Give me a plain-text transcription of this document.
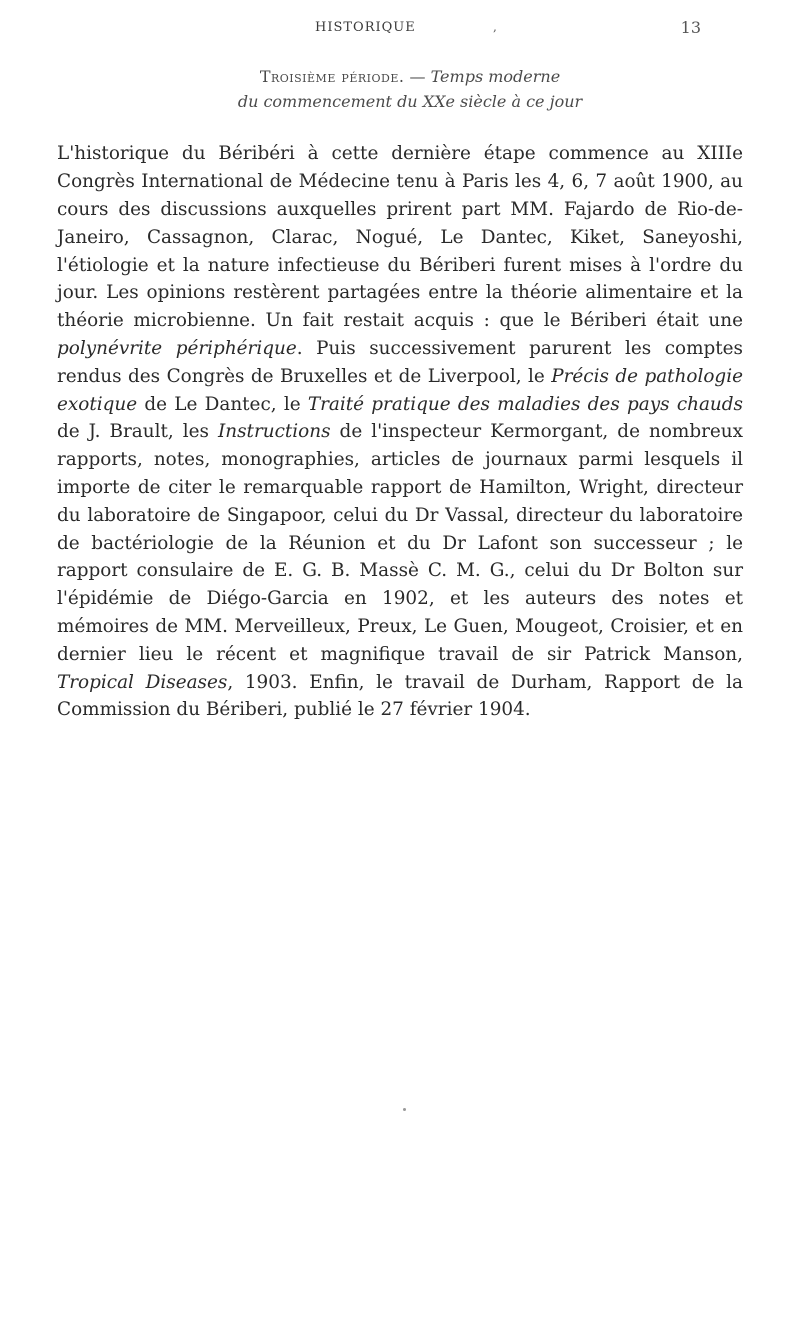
HISTORIQUE	,	13
Troisième période. — Temps moderne
du commencement du XXe siècle à ce jour

L'historique du Béribéri à cette dernière étape commence au XIIIe Congrès International de Médecine tenu à Paris les 4, 6, 7 août 1900, au cours des discussions auxquelles prirent part MM. Fajardo de Rio-de-Janeiro, Cassagnon, Clarac, Nogué, Le Dantec, Kiket, Saneyoshi, l'étiologie et la nature infectieuse du Bériberi furent mises à l'ordre du jour. Les opinions restèrent partagées entre la théorie alimentaire et la théorie microbienne. Un fait restait acquis : que le Bériberi était une polynévrite périphérique. Puis successivement parurent les comptes rendus des Congrès de Bruxelles et de Liverpool, le Précis de pathologie exotique de Le Dantec, le Traité pratique des maladies des pays chauds de J. Brault, les Instructions de l'inspecteur Kermorgant, de nombreux rapports, notes, monographies, articles de journaux parmi lesquels il importe de citer le remarquable rapport de Hamilton, Wright, directeur du laboratoire de Singapoor, celui du Dr Vassal, directeur du laboratoire de bactériologie de la Réunion et du Dr Lafont son successeur ; le rapport consulaire de E. G. B. Massè C. M. G., celui du Dr Bolton sur l'épidémie de Diégo-Garcia en 1902, et les auteurs des notes et mémoires de MM. Merveilleux, Preux, Le Guen, Mougeot, Croisier, et en dernier lieu le récent et magnifique travail de sir Patrick Manson, Tropical Diseases, 1903. Enfin, le travail de Durham, Rapport de la Commission du Bériberi, publié le 27 février 1904.
